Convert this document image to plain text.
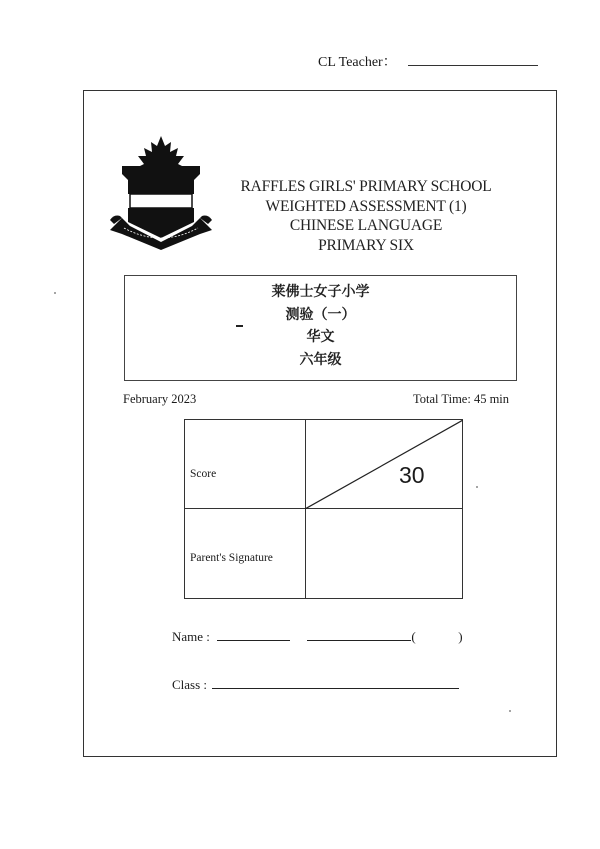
CL Teacher：
RAFFLES GIRLS' PRIMARY SCHOOL
WEIGHTED ASSESSMENT (1)
CHINESE LANGUAGE
PRIMARY SIX
莱佛士女子小学
测验（一）
华文
六年级
February 2023	Total Time: 45 min
Score	30
Parent's Signature
Name :	(	)
Class :
